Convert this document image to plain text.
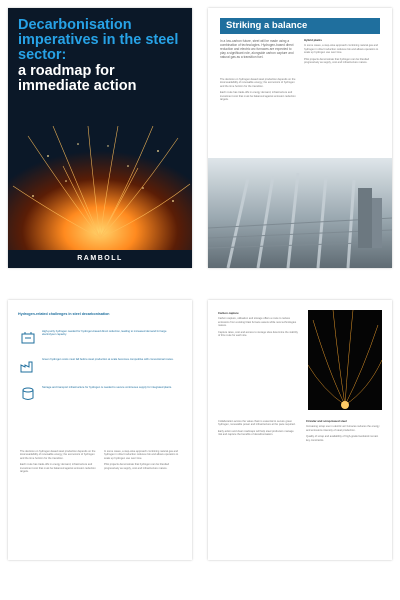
Decarbonisation imperatives in the steel sector:
a roadmap for immediate action
RAMBOLL
Striking a balance
In a low-carbon future, steel will be made using a combination of technologies. Hydrogen-based direct reduction and electric arc furnaces are expected to play a significant role, alongside carbon capture and natural gas as a transition fuel.

The decision on hydrogen-based steel production depends on the local availability of renewable energy, the economics of hydrogen and the time horizon for the transition.

Each route has trade-offs in energy demand, infrastructure and investment cost that must be balanced against emission reduction targets.

Hybrid plants

In some cases, a step-wise approach combining natural gas and hydrogen in direct reduction reduces risk and allows operators to scale up hydrogen use over time.

Pilot projects demonstrate that hydrogen can be blended progressively as supply, cost and infrastructure mature.

Hydrogen-related challenges in steel decarbonisation
High-purity hydrogen needed for hydrogen-based direct reduction, leading to increased demand for large electrolyser capacity.
Green hydrogen costs must fall before steel production at scale becomes competitive with conventional routes.
Storage and transport infrastructure for hydrogen is needed to secure continuous supply for integrated plants.

The decision on hydrogen-based steel production depends on the local availability of renewable energy, the economics of hydrogen and the time horizon for the transition.

Each route has trade-offs in energy demand, infrastructure and investment cost that must be balanced against emission reduction targets.

In some cases, a step-wise approach combining natural gas and hydrogen in direct reduction reduces risk and allows operators to scale up hydrogen use over time.

Pilot projects demonstrate that hydrogen can be blended progressively as supply, cost and infrastructure mature.

Carbon capture

Carbon capture, utilisation and storage offers a route to reduce emissions from existing blast furnace assets while new technologies mature.

Capture rates, cost and access to storage sites determine the viability of this route for each site.

Collaboration across the value chain is essential to secure green hydrogen, renewable power and infrastructure at the pace required.

Early action and clear roadmaps will help steel producers manage risk and capture the benefits of decarbonisation.

Circular and scrap-based steel

Increasing scrap use in electric arc furnaces reduces the energy and emissions intensity of steel production.

Quality of scrap and availability of high-grade feedstock remain key constraints.
